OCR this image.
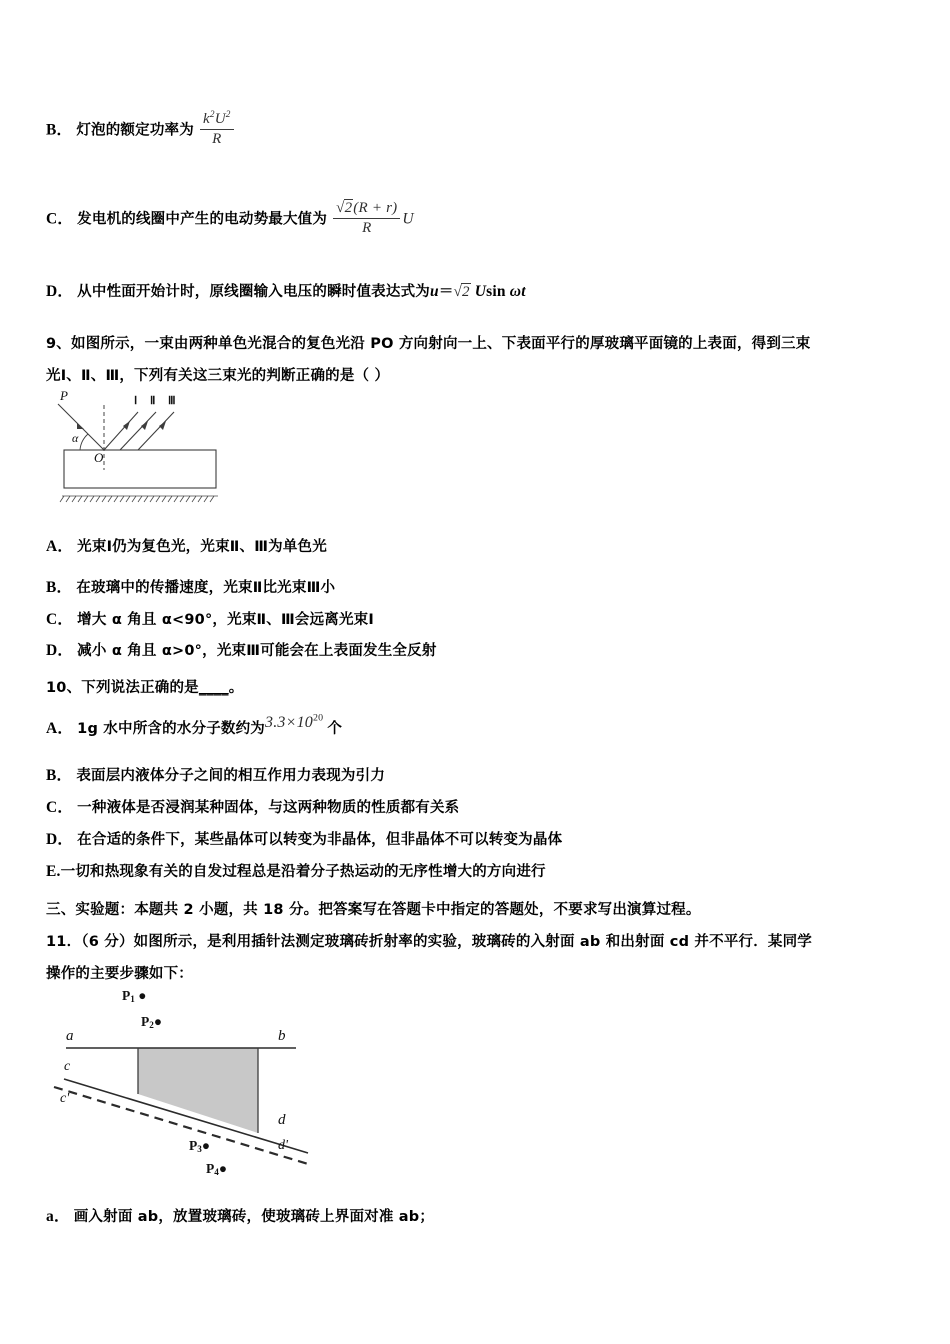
B． 灯泡的额定功率为 $\frac{k^2U^2}{R}$
C． 发电机的线圈中产生的电动势最大值为 $\frac{√2(R + r)}{R}$ U
D． 从中性面开始计时，原线圈输入电压的瞬时值表达式为u＝√2 Usin ωt
9、如图所示，一束由两种单色光混合的复色光沿 PO 方向射向一上、下表面平行的厚玻璃平面镜的上表面，得到三束
光Ⅰ、Ⅱ、Ⅲ，下列有关这三束光的判断正确的是（ ）
P
α
O
Ⅰ Ⅱ Ⅲ
A． 光束Ⅰ仍为复色光，光束Ⅱ、Ⅲ为单色光
B． 在玻璃中的传播速度，光束Ⅱ比光束Ⅲ小
C． 增大 α 角且 α<90°，光束Ⅱ、Ⅲ会远离光束Ⅰ
D． 减小 α 角且 α>0°，光束Ⅲ可能会在上表面发生全反射
10、下列说法正确的是____。
A． 1g 水中所含的水分子数约为$3.3\times 10^{20}$ 个
B． 表面层内液体分子之间的相互作用力表现为引力
C． 一种液体是否浸润某种固体，与这两种物质的性质都有关系
D． 在合适的条件下，某些晶体可以转变为非晶体，但非晶体不可以转变为晶体
E.一切和热现象有关的自发过程总是沿着分子热运动的无序性增大的方向进行
三、实验题：本题共 2 小题，共 18 分。把答案写在答题卡中指定的答题处，不要求写出演算过程。
11．（6 分）如图所示，是利用插针法测定玻璃砖折射率的实验，玻璃砖的入射面 ab 和出射面 cd 并不平行．某同学
操作的主要步骤如下：
$P_1$ ●
$P_2●$
$P_3●$
$P_4●$
a	b
c
c'
d
d'
a． 画入射面 ab，放置玻璃砖，使玻璃砖上界面对准 ab；
